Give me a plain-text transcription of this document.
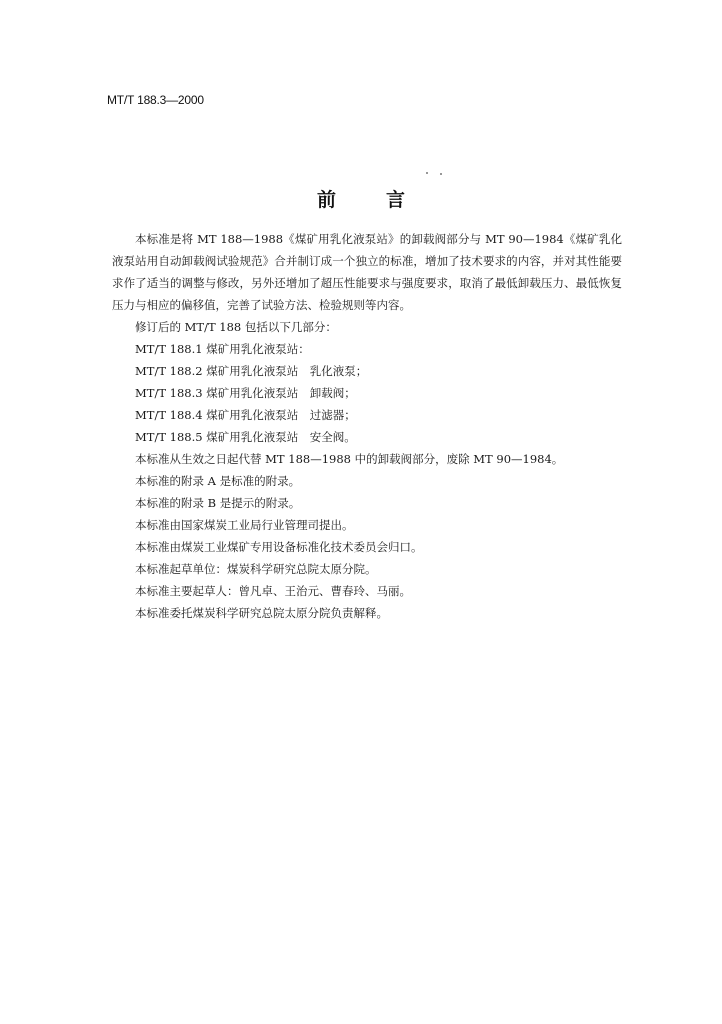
MT/T 188.3—2000
前	言

本标准是将 MT 188—1988《煤矿用乳化液泵站》的卸载阀部分与 MT 90—1984《煤矿乳化液泵站用自动卸载阀试验规范》合并制订成一个独立的标准，增加了技术要求的内容，并对其性能要求作了适当的调整与修改，另外还增加了超压性能要求与强度要求，取消了最低卸载压力、最低恢复压力与相应的偏移值，完善了试验方法、检验规则等内容。

修订后的 MT/T 188 包括以下几部分：
MT/T 188.1 煤矿用乳化液泵站：
MT/T 188.2 煤矿用乳化液泵站　乳化液泵；
MT/T 188.3 煤矿用乳化液泵站　卸载阀；
MT/T 188.4 煤矿用乳化液泵站　过滤器；
MT/T 188.5 煤矿用乳化液泵站　安全阀。
本标准从生效之日起代替 MT 188—1988 中的卸载阀部分，废除 MT 90—1984。
本标准的附录 A 是标准的附录。
本标准的附录 B 是提示的附录。
本标准由国家煤炭工业局行业管理司提出。
本标准由煤炭工业煤矿专用设备标准化技术委员会归口。
本标准起草单位：煤炭科学研究总院太原分院。
本标准主要起草人：曾凡卓、王治元、曹春玲、马丽。
本标准委托煤炭科学研究总院太原分院负责解释。
